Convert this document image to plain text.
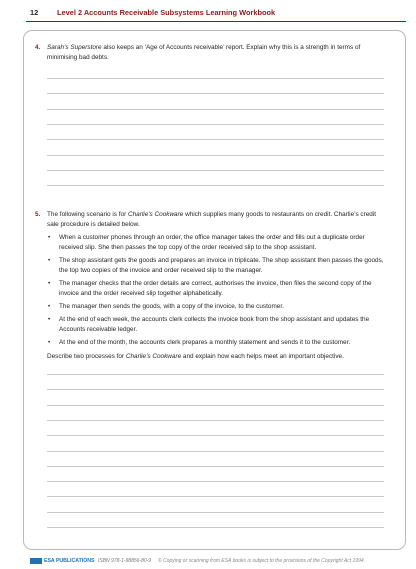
12	Level 2 Accounts Receivable Subsystems Learning Workbook
4. Sarah’s Superstore also keeps an ‘Age of Accounts receivable’ report. Explain why this is a strength in terms of minimising bad debts.
5. The following scenario is for Charlie’s Cookware which supplies many goods to restaurants on credit. Charlie’s credit sale procedure is detailed below.
• When a customer phones through an order, the office manager takes the order and fills out a duplicate order received slip. She then passes the top copy of the order received slip to the shop assistant.
• The shop assistant gets the goods and prepares an invoice in triplicate. The shop assistant then passes the goods, the top two copies of the invoice and order received slip to the manager.
• The manager checks that the order details are correct, authorises the invoice, then files the second copy of the invoice and the order received slip together alphabetically.
• The manager then sends the goods, with a copy of the invoice, to the customer.
• At the end of each week, the accounts clerk collects the invoice book from the shop assistant and updates the Accounts receivable ledger.
• At the end of the month, the accounts clerk prepares a monthly statement and sends it to the customer.
Describe two processes for Charlie’s Cookware and explain how each helps meet an important objective.
ESA PUBLICATIONS ISBN 978-1-98856-80-9 © Copying or scanning from ESA books is subject to the provisions of the Copyright Act 1994.
